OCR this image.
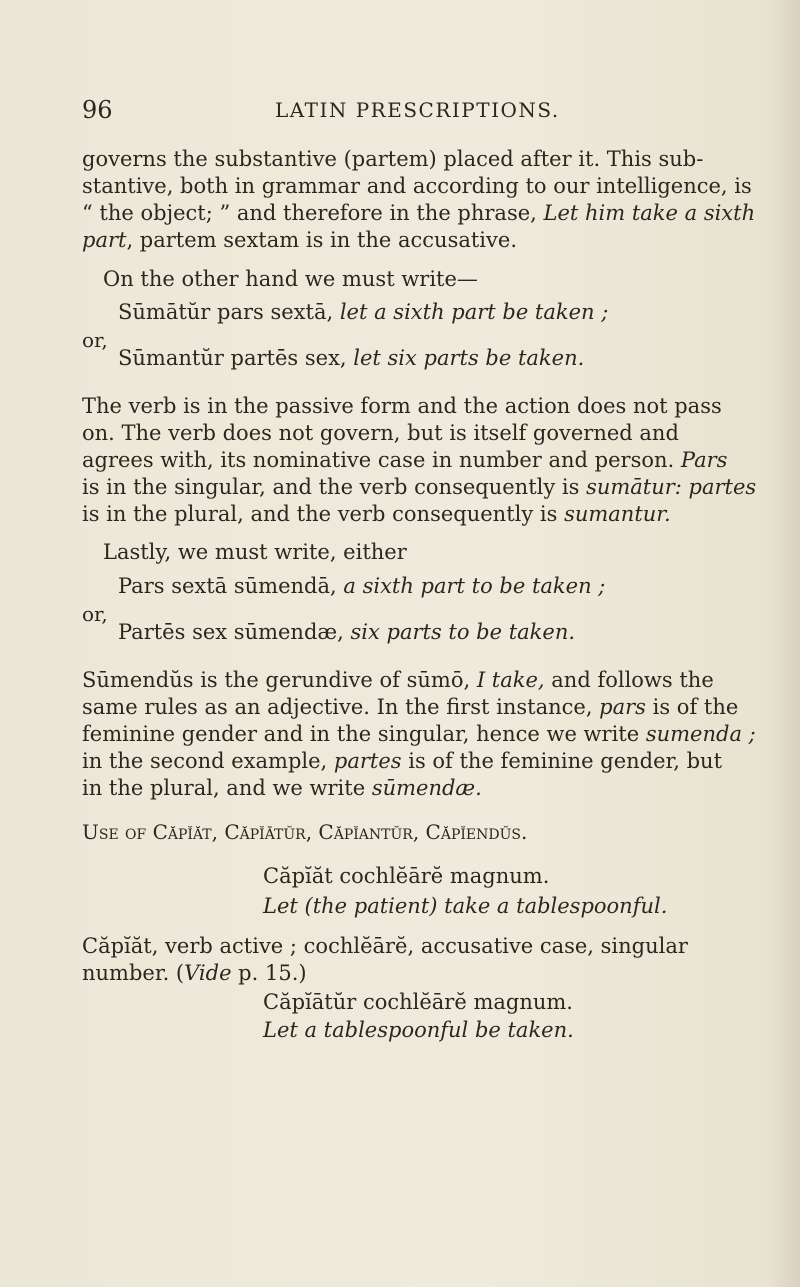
96	LATIN PRESCRIPTIONS.
governs the substantive (partem) placed after it. This sub-
stantive, both in grammar and according to our intelligence, is
“ the object; ” and therefore in the phrase, Let him take a sixth
part, partem sextam is in the accusative.
On the other hand we must write—
Sūmātŭr pars sextā, let a sixth part be taken ;
or,
Sūmantŭr partēs sex, let six parts be taken.
The verb is in the passive form and the action does not pass
on. The verb does not govern, but is itself governed and
agrees with, its nominative case in number and person. Pars
is in the singular, and the verb consequently is sumātur: partes
is in the plural, and the verb consequently is sumantur.
Lastly, we must write, either
Pars sextā sūmendā, a sixth part to be taken ;
or,
Partēs sex sūmendæ, six parts to be taken.
Sūmendŭs is the gerundive of sūmō, I take, and follows the
same rules as an adjective. In the first instance, pars is of the
feminine gender and in the singular, hence we write sumenda ;
in the second example, partes is of the feminine gender, but
in the plural, and we write sūmendæ.
Use of Căpĭăt, Căpĭātŭr, Căpĭantŭr, Căpĭendŭs.
Căpĭăt cochlĕārĕ magnum.
Let (the patient) take a tablespoonful.
Căpĭăt, verb active ; cochlĕārĕ, accusative case, singular
number. (Vide p. 15.)
Căpĭātŭr cochlĕārĕ magnum.
Let a tablespoonful be taken.
